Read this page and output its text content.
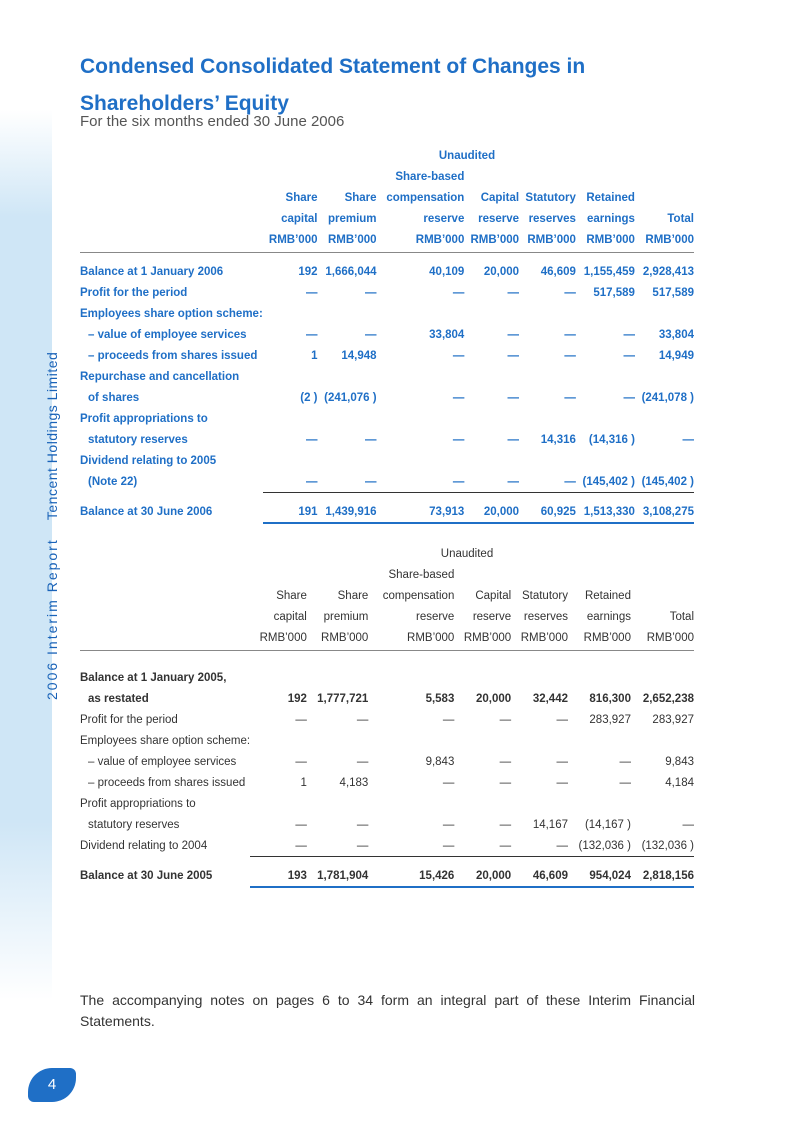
2006 Interim Report Tencent Holdings Limited
Condensed Consolidated Statement of Changes in Shareholders’ Equity
For the six months ended 30 June 2006
Unaudited							
			Share-based				
	Share	Share	compensation	Capital	Statutory	Retained	
	capital	premium	reserve	reserve	reserves	earnings	Total
	RMB’000	RMB’000	RMB’000	RMB’000	RMB’000	RMB’000	RMB’000

Balance at 1 January 2006	192	1,666,044	40,109	20,000	46,609	1,155,459	2,928,413
Profit for the period	—	—	—	—	—	517,589	517,589
Employees share option scheme:							
– value of employee services	—	—	33,804	—	—	—	33,804
– proceeds from shares issued	1	14,948	—	—	—	—	14,949
Repurchase and cancellation							
of shares	(2 )	(241,076 )	—	—	—	—	(241,078 )
Profit appropriations to							
statutory reserves	—	—	—	—	14,316	(14,316 )	—
Dividend relating to 2005							
(Note 22)	—	—	—	—	—	(145,402 )	(145,402 )

Balance at 30 June 2006	191	1,439,916	73,913	20,000	60,925	1,513,330	3,108,275
Unaudited							
			Share-based				
	Share	Share	compensation	Capital	Statutory	Retained	
	capital	premium	reserve	reserve	reserves	earnings	Total
	RMB’000	RMB’000	RMB’000	RMB’000	RMB’000	RMB’000	RMB’000

Balance at 1 January 2005,							
as restated	192	1,777,721	5,583	20,000	32,442	816,300	2,652,238
Profit for the period	—	—	—	—	—	283,927	283,927
Employees share option scheme:							
– value of employee services	—	—	9,843	—	—	—	9,843
– proceeds from shares issued	1	4,183	—	—	—	—	4,184
Profit appropriations to							
statutory reserves	—	—	—	—	14,167	(14,167 )	—
Dividend relating to 2004	—	—	—	—	—	(132,036 )	(132,036 )

Balance at 30 June 2005	193	1,781,904	15,426	20,000	46,609	954,024	2,818,156
The accompanying notes on pages 6 to 34 form an integral part of these Interim Financial Statements.
4
